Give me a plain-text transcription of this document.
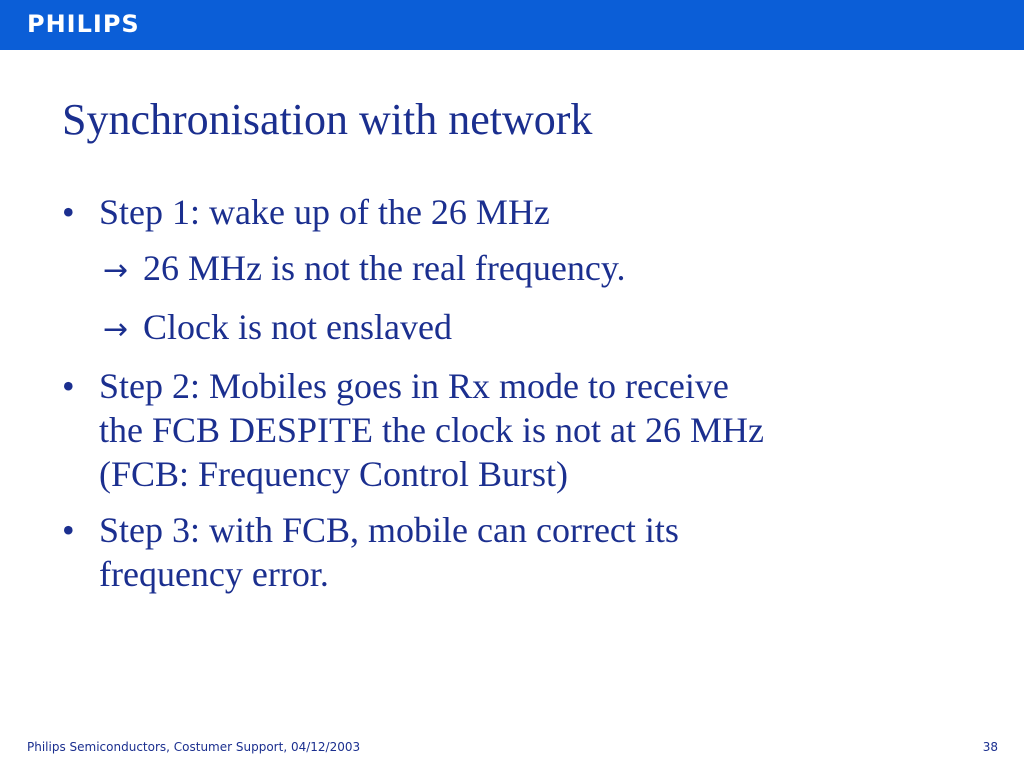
PHILIPS
Synchronisation with network
• Step 1: wake up of the 26 MHz
→ 26 MHz is not the real frequency.
→ Clock is not enslaved
• Step 2: Mobiles goes in Rx mode to receive
the FCB DESPITE the clock is not at 26 MHz
(FCB: Frequency Control Burst)
• Step 3: with FCB, mobile can correct its
frequency error.
Philips Semiconductors, Costumer Support, 04/12/2003	38
